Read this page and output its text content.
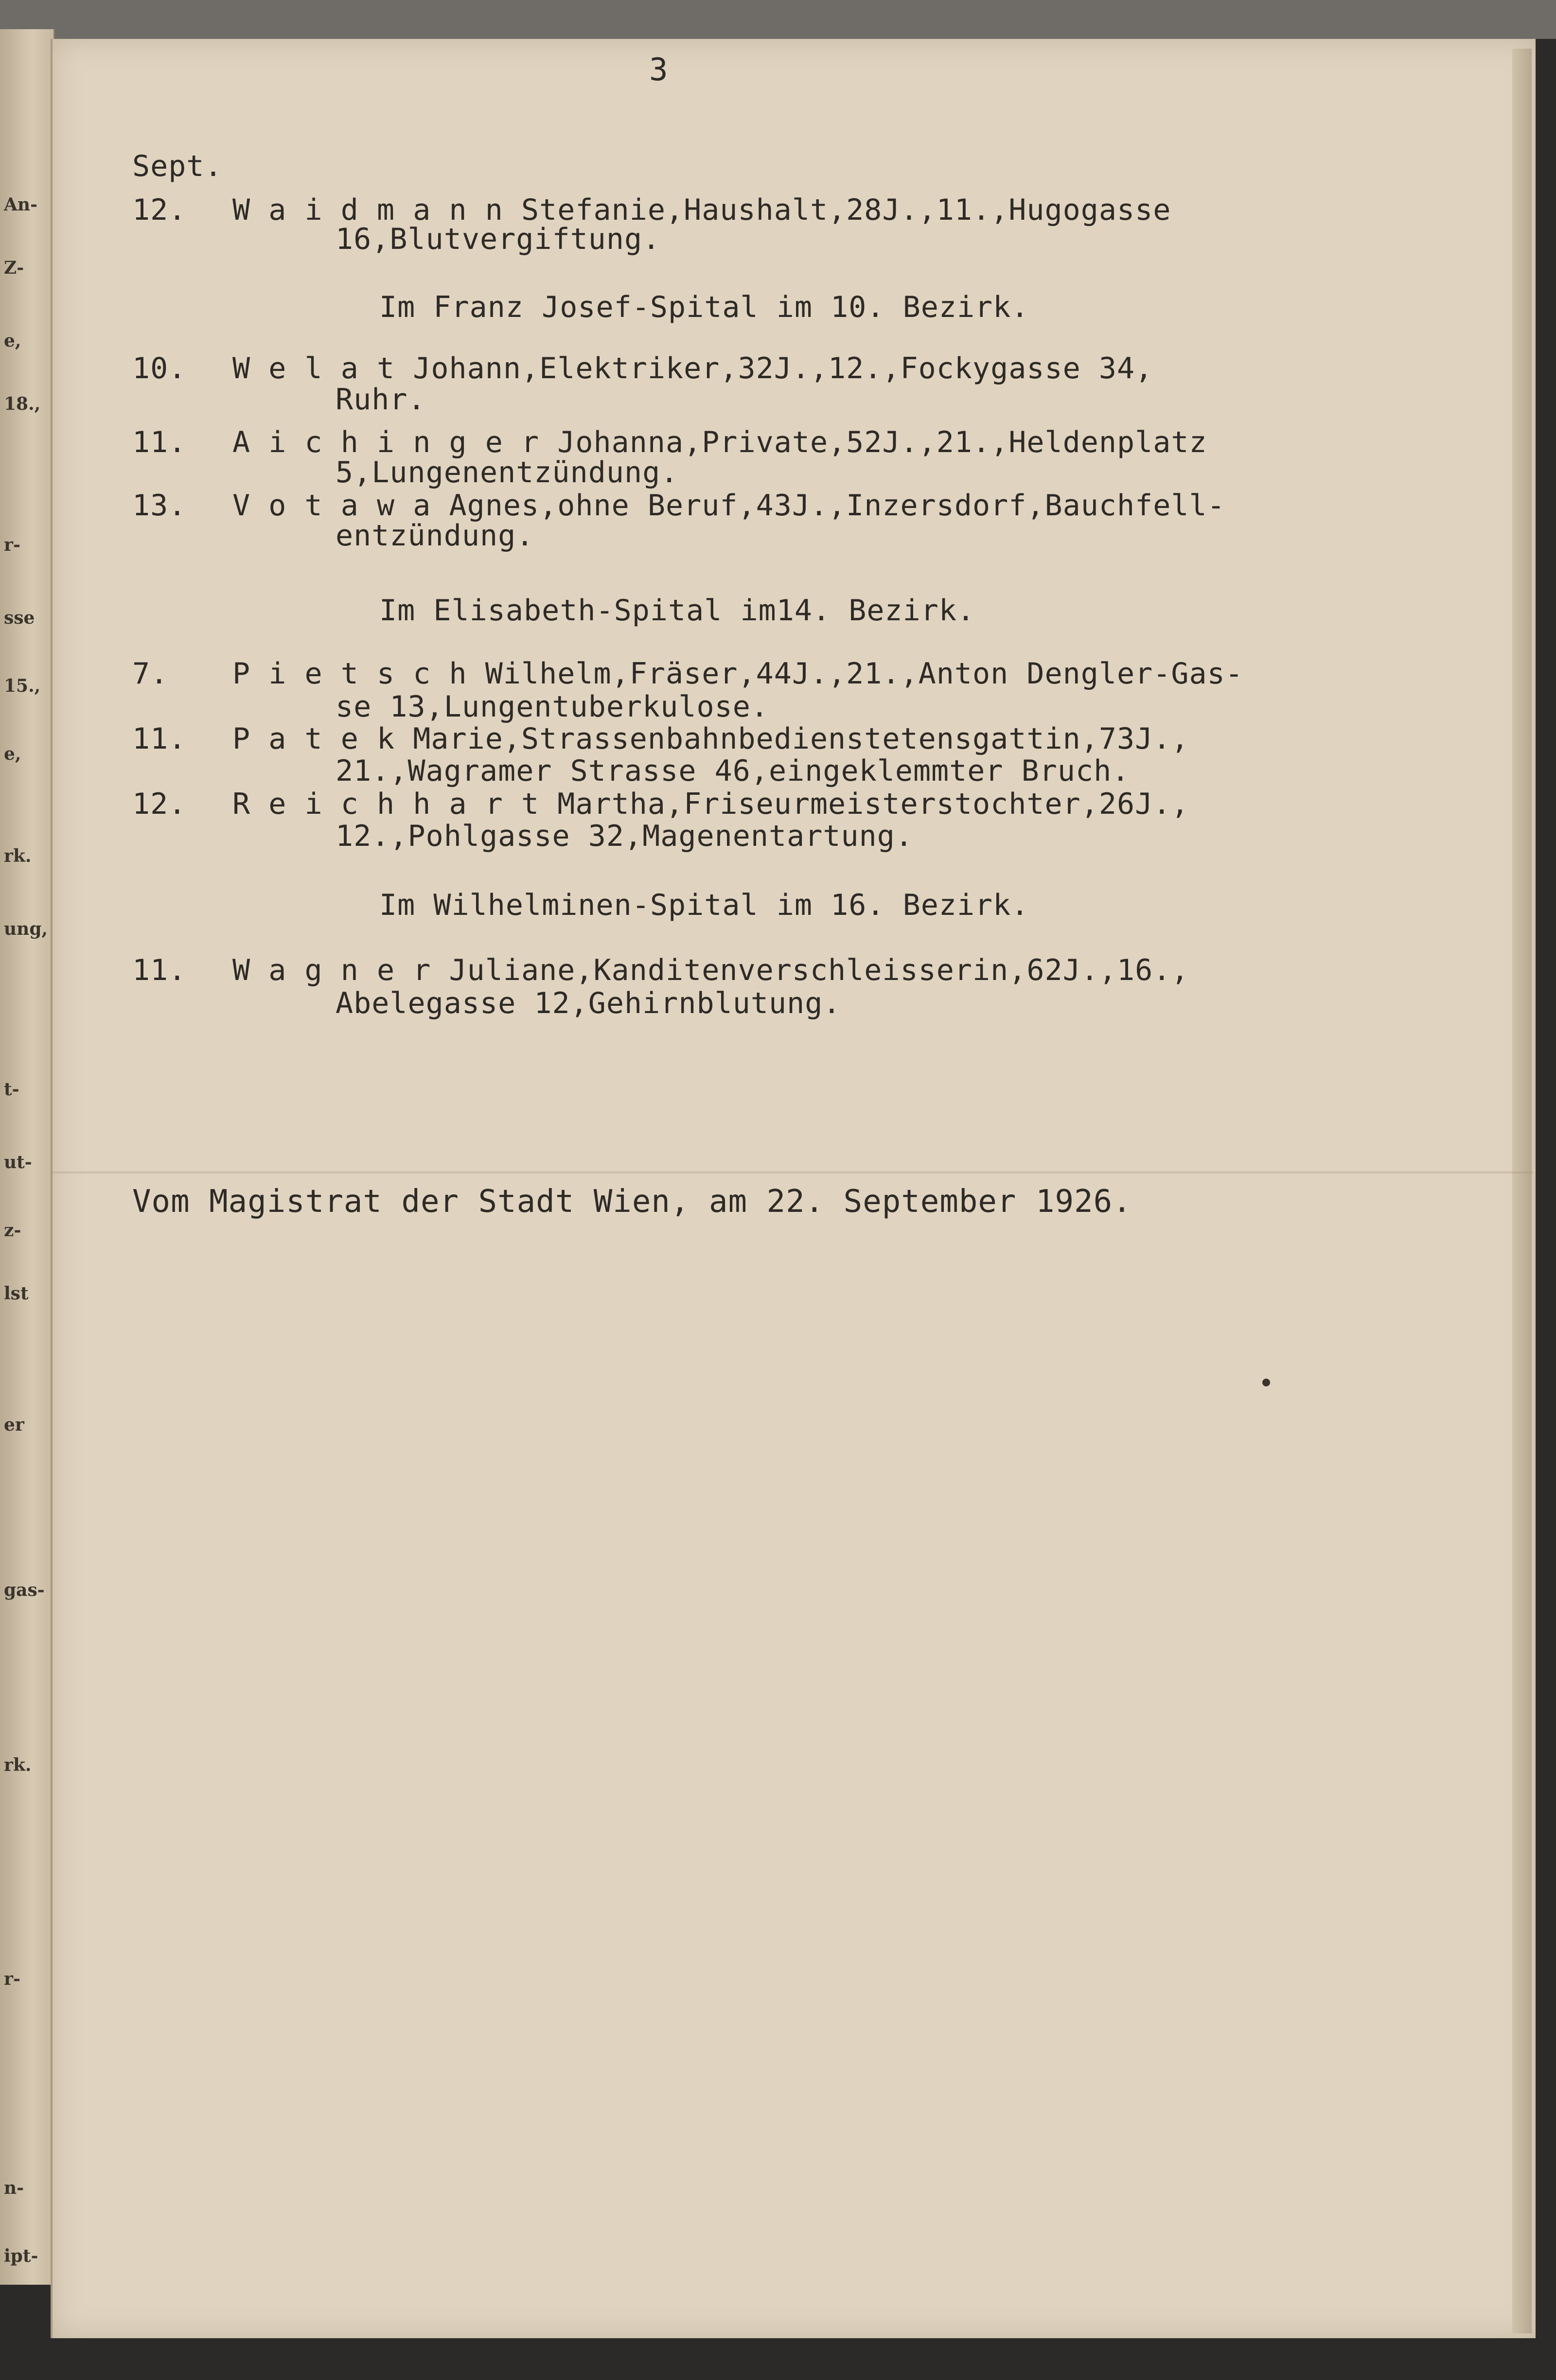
An-
Z-
e,
18.,
r-
sse
15.,
e,
rk.
ung,
t-
ut-
z-
lst
er
gas-
rk.
r-
n-
ipt-
3
Sept.
12. W a i d m a n n Stefanie,Haushalt,28J.,11.,Hugogasse
16,Blutvergiftung.
Im Franz Josef-Spital im 10. Bezirk.
10. W e l a t Johann,Elektriker,32J.,12.,Fockygasse 34,
Ruhr.
11. A i c h i n g e r Johanna,Private,52J.,21.,Heldenplatz
5,Lungenentzündung.
13. V o t a w a Agnes,ohne Beruf,43J.,Inzersdorf,Bauchfell-
entzündung.
Im Elisabeth-Spital im14. Bezirk.
7. P i e t s c h Wilhelm,Fräser,44J.,21.,Anton Dengler-Gas-
se 13,Lungentuberkulose.
11. P a t e k Marie,Strassenbahnbedienstetensgattin,73J.,
21.,Wagramer Strasse 46,eingeklemmter Bruch.
12. R e i c h h a r t Martha,Friseurmeisterstochter,26J.,
12.,Pohlgasse 32,Magenentartung.
Im Wilhelminen-Spital im 16. Bezirk.
11. W a g n e r Juliane,Kanditenverschleisserin,62J.,16.,
Abelegasse 12,Gehirnblutung.
Vom Magistrat der Stadt Wien, am 22. September 1926.
